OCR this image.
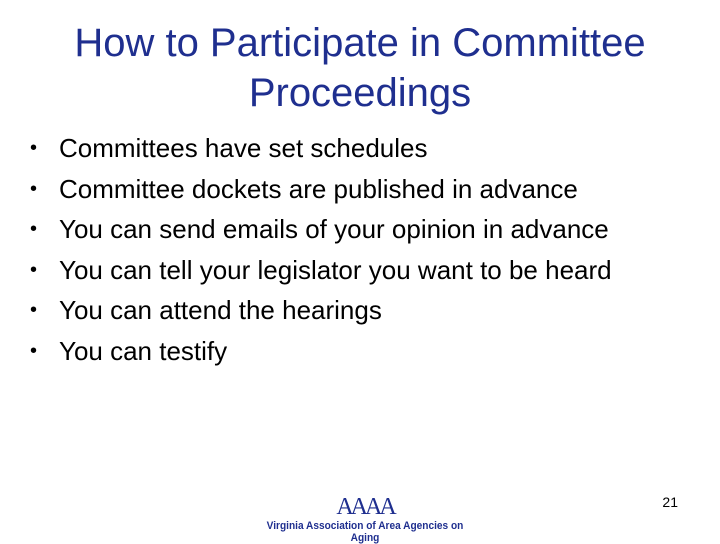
How to Participate in Committee
Proceedings
• Committees have set schedules
• Committee dockets are published in advance
• You can send emails of your opinion in advance
• You can tell your legislator you want to be heard
• You can attend the hearings
• You can testify
AAAA
Virginia Association of Area Agencies on Aging
21
